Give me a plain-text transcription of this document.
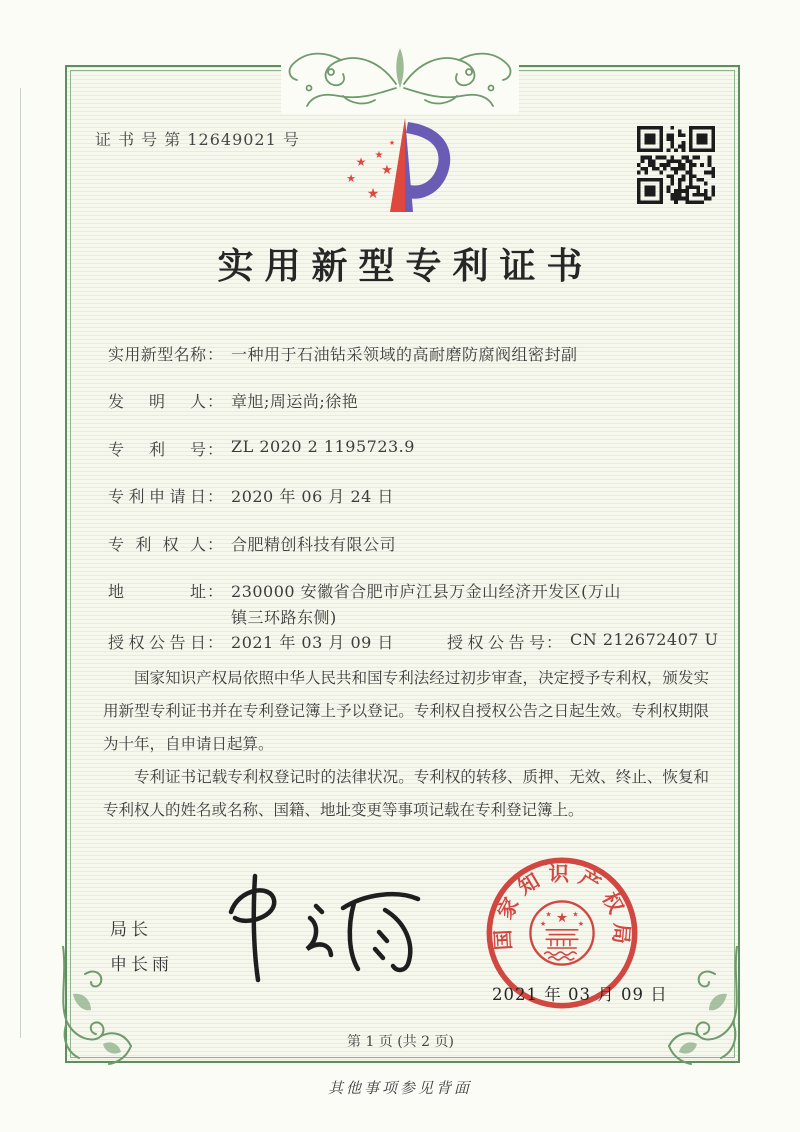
证 书 号 第 12649021 号	★
★
★
★
★
★
实用新型专利证书
实用新型名称： 一种用于石油钻采领域的高耐磨防腐阀组密封副
发明人： 章旭;周运尚;徐艳
专利号： ZL 2020 2 1195723.9
专利申请日： 2020 年 06 月 24 日
专利权人： 合肥精创科技有限公司
地址： 230000 安徽省合肥市庐江县万金山经济开发区(万山镇三环路东侧)
授权公告日： 2021 年 03 月 09 日	授权公告号： CN 212672407 U

国家知识产权局依照中华人民共和国专利法经过初步审查，决定授予专利权，颁发实用新型专利证书并在专利登记簿上予以登记。专利权自授权公告之日起生效。专利权期限为十年，自申请日起算。

专利证书记载专利权登记时的法律状况。专利权的转移、质押、无效、终止、恢复和专利权人的姓名或名称、国籍、地址变更等事项记载在专利登记簿上。

局长
申长雨
国家知识产权局
★
★ ★
★	★
2021 年 03 月 09 日
第 1 页 (共 2 页)
其他事项参见背面
